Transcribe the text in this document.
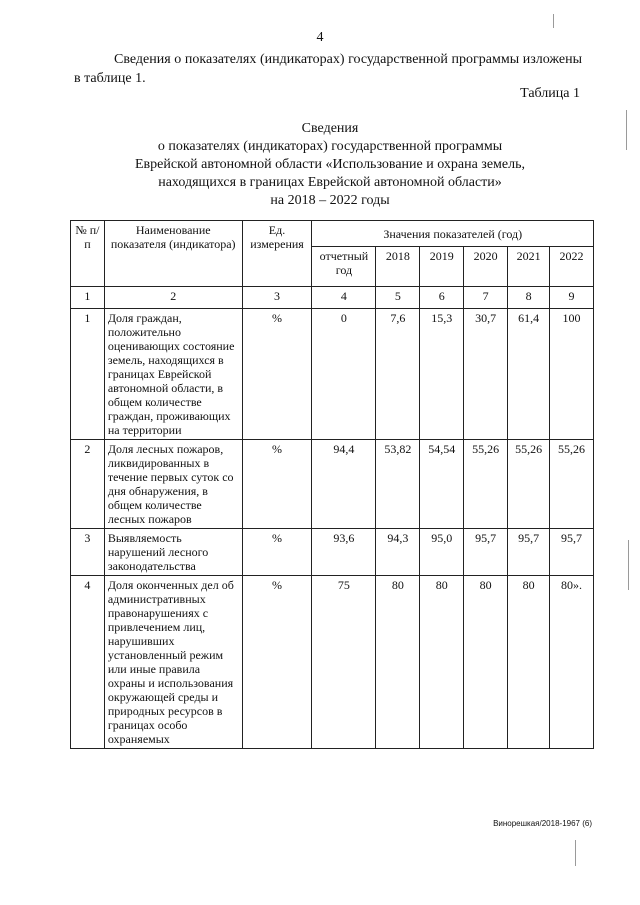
4
Сведения о показателях (индикаторах) государственной программы изложены в таблице 1.
Таблица 1
Сведения
о показателях (индикаторах) государственной программы
Еврейской автономной области «Использование и охрана земель,
находящихся в границах Еврейской автономной области»
на 2018 – 2022 годы
№ п/п	Наименование показателя (индикатора)	Ед. измерения	Значения показателей (год)					
			отчетный год	2018	2019	2020	2021	2022
1	2	3	4	5	6	7	8	9
1	Доля граждан, положительно оценивающих состояние земель, находящихся в границах Еврейской автономной области, в общем количестве граждан, проживающих на территории	%	0	7,6	15,3	30,7	61,4	100
2	Доля лесных пожаров, ликвидированных в течение первых суток со дня обнаружения, в общем количестве лесных пожаров	%	94,4	53,82	54,54	55,26	55,26	55,26
3	Выявляемость нарушений лесного законодательства	%	93,6	94,3	95,0	95,7	95,7	95,7
4	Доля оконченных дел об административных правонарушениях с привлечением лиц, нарушивших установленный режим или иные правила охраны и использования окружающей среды и природных ресурсов в границах особо охраняемых	%	75	80	80	80	80	80».
Винорешкая/2018-1967 (6)
